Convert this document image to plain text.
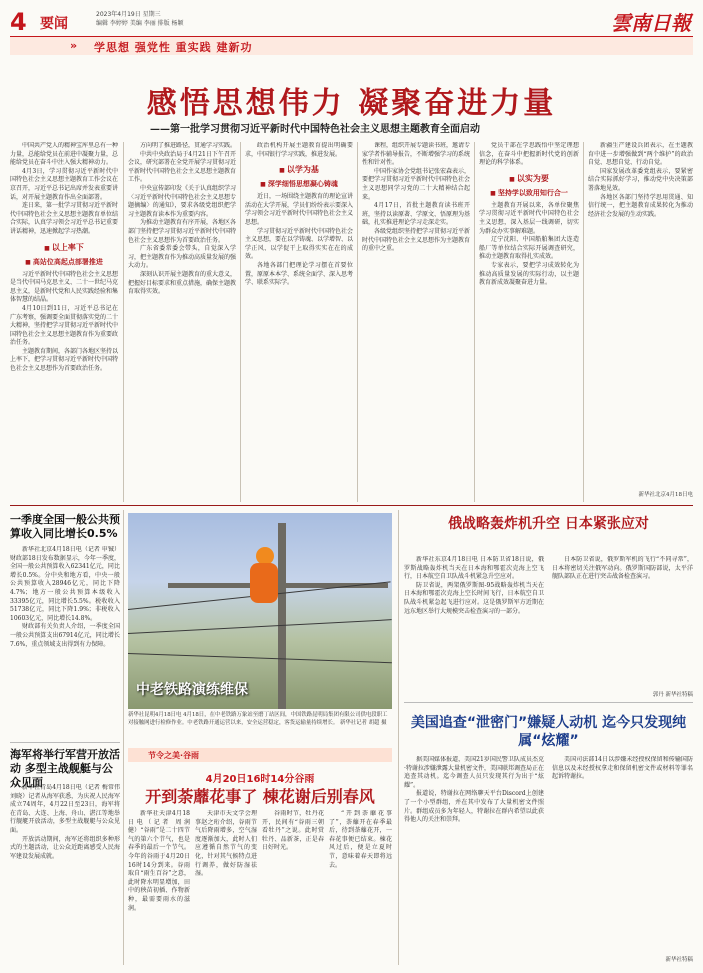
4 要闻
2023年4月19日 星期三
编辑 李婷婷 美编 李丽 排版 杨颖	雲南日報
» 学思想 强党性 重实践 建新功
感悟思想伟力 凝聚奋进力量
——第一批学习贯彻习近平新时代中国特色社会主义思想主题教育全面启动

中国共产党人的精神宝库里总有一种力量，总能给党员在前进中凝聚力量，总能给党员在奋斗中注入强大精神动力。

4月3日，学习贯彻习近平新时代中国特色社会主义思想主题教育工作会议在京召开，习近平总书记出席并发表重要讲话，对开展主题教育作出全面部署。

连日来，第一批学习贯彻习近平新时代中国特色社会主义思想主题教育单位结合实际，认真学习领会习近平总书记重要讲话精神，迅速掀起学习热潮。

■ 以上率下
■ 高站位高起点部署推进

习近平新时代中国特色社会主义思想是当代中国马克思主义、二十一世纪马克思主义，是新时代党和人民实践经验和集体智慧的结晶。

4月10日到11日，习近平总书记在广东考察，强调要全面贯彻落实党的二十大精神，坚持把学习贯彻习近平新时代中国特色社会主义思想主题教育作为重要政治任务。

主题教育期间，各部门各地区坚持以上率下，把学习贯彻习近平新时代中国特色社会主义思想作为首要政治任务。

方向明了推进路径，贯通学习实践。

中共中央政治局于4月21日下午召开会议，研究部署在全党开展学习贯彻习近平新时代中国特色社会主义思想主题教育工作。

中央宣传部印发《关于认真组织学习〈习近平新时代中国特色社会主义思想专题摘编〉的通知》，要求各级党组织把学习主题教育读本作为重要内容。

为推动主题教育有序开展，各地区各部门坚持把学习贯彻习近平新时代中国特色社会主义思想作为首要政治任务。

广东省委常委会带头，自觉深入学习，把主题教育作为推动高质量发展的强大动力。

深刻认识开展主题教育的重大意义，把握好目标要求和重点措施，确保主题教育取得实效。

政治机构开展主题教育提出明确要求，中国银行学习实践，推进发展。

■ 以学为基
■ 深学细悟思想凝心铸魂

近日，一场围绕主题教育的理论宣讲活动在大学开展，学员们纷纷表示要深入学习领会习近平新时代中国特色社会主义思想。

学习贯彻习近平新时代中国特色社会主义思想，要在以学铸魂、以学增智、以学正风、以学促干上取得实实在在的成效。

各地各部门把理论学习摆在首要位置，原原本本学、系统全面学、深入思考学、联系实际学。

课程，组织开展专题读书班，邀请专家学者作辅导报告，不断增强学习的系统性和针对性。

中国作家协会党组书记张宏森表示，要把学习贯彻习近平新时代中国特色社会主义思想同学习党的二十大精神结合起来。

4月17日，首批主题教育读书班开班，坚持以读原著、学原文、悟原理为基础，扎实推进理论学习走深走实。

各级党组织坚持把学习贯彻习近平新时代中国特色社会主义思想作为主题教育的重中之重。

党员干部在学思践悟中坚定理想信念，在奋斗中把握新时代党的创新理论的科学体系。

■ 以实为要
■ 坚持学以致用知行合一

主题教育开展以来，各单位聚焦学习贯彻习近平新时代中国特色社会主义思想，深入基层一线调研，切实为群众办实事解难题。

辽宁沈阳、中国船舶集团大连造船厂等单位结合实际开展调查研究，推动主题教育取得扎实成效。

专家表示，要把学习成效转化为推动高质量发展的实际行动，以主题教育新成效凝聚奋进力量。

新疆生产建设兵团表示，在主题教育中进一步增强做到“两个维护”的政治自觉、思想自觉、行动自觉。

国家发展改革委党组表示，要紧密结合实际抓好学习，推动党中央决策部署落地见效。

各地区各部门坚持学思用贯通、知信行统一，把主题教育成果转化为推动经济社会发展的生动实践。

新华社北京4月18日电
一季度全国一般公共预算收入同比增长0.5%

新华社北京4月18日电（记者 申铖）财政部18日发布数据显示，今年一季度，全国一般公共预算收入62341亿元，同比增长0.5%。分中央和地方看，中央一般公共预算收入28946亿元，同比下降4.7%；地方一般公共预算本级收入33395亿元，同比增长5.5%。税收收入51738亿元，同比下降1.9%；非税收入10603亿元，同比增长14.8%。

财政部有关负责人介绍，一季度全国一般公共预算支出67914亿元，同比增长7.6%，重点领域支出得到有力保障。

海军将举行军营开放活动 多型主战舰艇与公众见面

新华社青岛4月18日电（记者 梅常伟 刘晓）记者从海军获悉，为庆祝人民海军成立74周年，4月22日至23日，海军将在青岛、大连、上海、舟山、湛江等地举行舰艇开放活动，多型主战舰艇与公众见面。

开放活动期间，海军还将组织多种形式的主题活动，让公众近距离感受人民海军建设发展成就。

中老铁路演练维保
新华社昆明4月18日电 4月18日，在中老铁路万象站至磨丁站区间，中国铁路昆明局集团有限公司供电段职工对接触网进行检修作业。中老铁路开通运营以来，安全运营稳定，客货运输量持续增长。 新华社记者 胡超 摄
节令之美·谷雨
4月20日16时14分谷雨
开到荼蘼花事了 棟花谢后别春风

新华社天津4月18日电（记者 周润健）“谷雨”是二十四节气的第六个节气，也是春季的最后一个节气。今年的谷雨于4月20日16时14分到来。谷雨取自“雨生百谷”之意，此时降水明显增加，田中的秧苗初插、作物新种，最需要雨水的滋润。

天津市天文学会理事赵之珩介绍，谷雨节气后降雨增多，空气湿度逐渐加大，此时人们应遵循自然节气的变化，针对其气候特点进行调养，做好防湿祛湿。

谷雨时节，牡丹花开，民间有“谷雨三朝看牡丹”之说。此时赏牡丹、品新茶，正是春日好时光。

“开到荼蘼花事了”，荼蘼开在春季最后，待到荼蘼花开，一春花事便已结束。棟花风过后，便是立夏时节，意味着春天即将远去。

俄战略轰炸机升空 日本紧张应对

新华社东京4月18日电 日本防卫省18日说，俄罗斯战略轰炸机当天在日本海和鄂霍次克海上空飞行，日本航空自卫队战斗机紧急升空应对。

防卫省说，两架俄罗斯图-95战略轰炸机当天在日本海和鄂霍次克海上空长时间飞行，日本航空自卫队战斗机紧急起飞进行应对。这是俄罗斯军方近期在远东地区举行大规模突击检查演习的一部分。

日本防卫省说，俄罗斯军机的飞行“不同寻常”，日本将密切关注俄军动向。俄罗斯国防部说，太平洋舰队部队正在进行突击战备检查演习。

郭丹 新华社特稿
美国追查“泄密门”嫌疑人动机 迄今只发现纯属“炫耀”

据美国媒体报道，美国21岁国民警卫队成员杰克·特谢拉涉嫌泄露大量机密文件，美国联邦调查局正在追查其动机。迄今调查人员只发现其行为出于“炫耀”。

报道说，特谢拉在网络聊天平台Discord上创建了一个小型群组，并在其中发布了大量机密文件照片。群组成员多为年轻人，特谢拉在群内希望以此获得他人的关注和崇拜。

美国司法部14日以涉嫌未经授权保留和传输国防信息以及未经授权拿走和保留机密文件或材料等罪名起诉特谢拉。

新华社特稿
